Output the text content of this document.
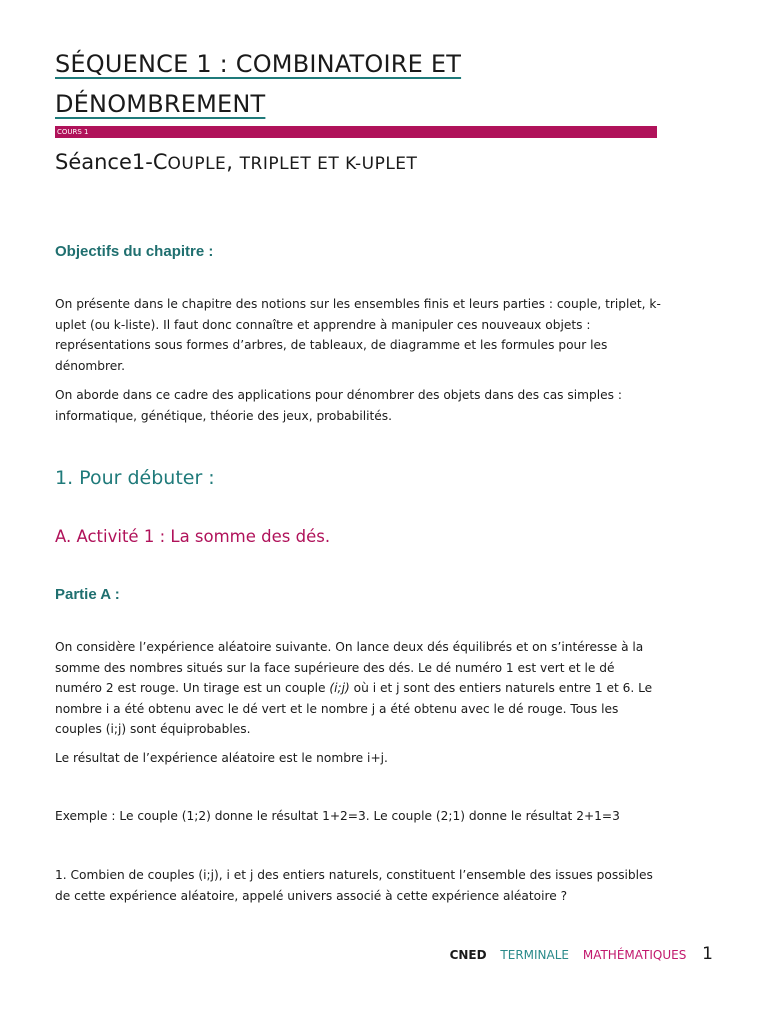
SÉQUENCE 1 : COMBINATOIRE ET
DÉNOMBREMENT
COURS 1
Séance1-COUPLE, TRIPLET ET K-UPLET
Objectifs du chapitre :

On présente dans le chapitre des notions sur les ensembles finis et leurs parties : couple, triplet, k-uplet (ou k-liste). Il faut donc connaître et apprendre à manipuler ces nouveaux objets : représentations sous formes d’arbres, de tableaux, de diagramme et les formules pour les dénombrer.

On aborde dans ce cadre des applications pour dénombrer des objets dans des cas simples : informatique, génétique, théorie des jeux, probabilités.

1. Pour débuter :
A. Activité 1 : La somme des dés.
Partie A :

On considère l’expérience aléatoire suivante. On lance deux dés équilibrés et on s’intéresse à la somme des nombres situés sur la face supérieure des dés. Le dé numéro 1 est vert et le dé numéro 2 est rouge. Un tirage est un couple (i;j) où i et j sont des entiers naturels entre 1 et 6. Le nombre i a été obtenu avec le dé vert et le nombre j a été obtenu avec le dé rouge. Tous les couples (i;j) sont équiprobables.

Le résultat de l’expérience aléatoire est le nombre i+j.

Exemple : Le couple (1;2) donne le résultat 1+2=3. Le couple (2;1) donne le résultat 2+1=3

1. Combien de couples (i;j), i et j des entiers naturels, constituent l’ensemble des issues possibles de cette expérience aléatoire, appelé univers associé à cette expérience aléatoire ?

CNED TERMINALE MATHÉMATIQUES 1
